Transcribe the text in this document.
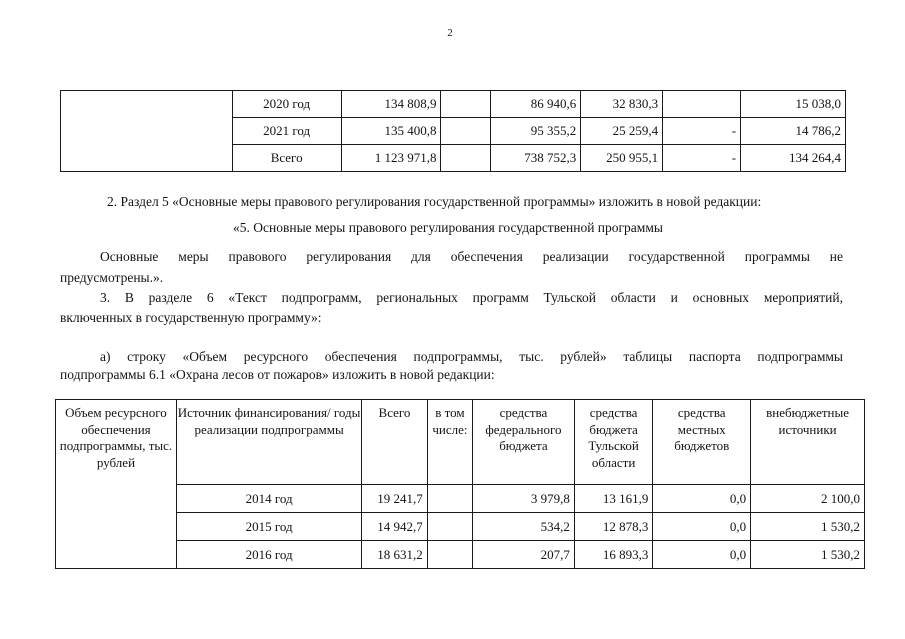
2
	2020 год	134 808,9		86 940,6	32 830,3		15 038,0
	2021 год	135 400,8		95 355,2	25 259,4	-	14 786,2
	Всего	1 123 971,8		738 752,3	250 955,1	-	134 264,4

2. Раздел 5 «Основные меры правового регулирования государственной программы» изложить в новой редакции:

«5. Основные меры правового регулирования государственной программы

Основные меры правового регулирования для обеспечения реализации государственной программы не

предусмотрены.».

3. В разделе 6 «Текст подпрограмм, региональных программ Тульской области и основных мероприятий,

включенных в государственную программу»:

а) строку «Объем ресурсного обеспечения подпрограммы, тыс. рублей» таблицы паспорта подпрограммы

подпрограммы 6.1 «Охрана лесов от пожаров» изложить в новой редакции:

Объем ресурсного обеспечения подпрограммы, тыс. рублей	Источник финансирования/ годы реализации подпрограммы	Всего	в том числе:	средства федерального бюджета	средства бюджета Тульской области	средства местных бюджетов	внебюджетные источники
	2014 год	19 241,7		3 979,8	13 161,9	0,0	2 100,0
	2015 год	14 942,7		534,2	12 878,3	0,0	1 530,2
	2016 год	18 631,2		207,7	16 893,3	0,0	1 530,2
